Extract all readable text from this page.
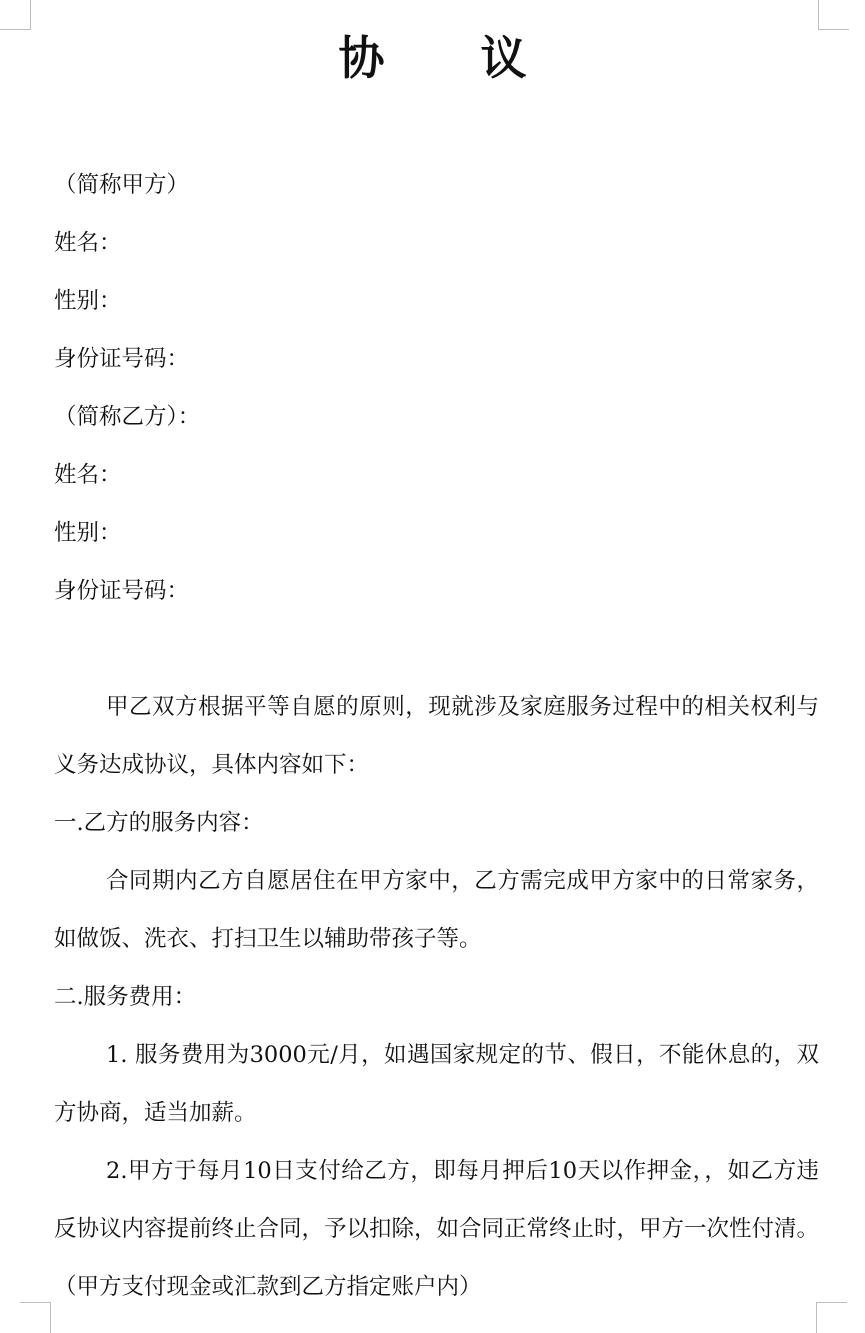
协 议
（简称甲方）
姓名：
性别：
身份证号码：
（简称乙方）：
姓名：
性别：
身份证号码：
甲乙双方根据平等自愿的原则，现就涉及家庭服务过程中的相关权利与义务达成协议，具体内容如下：
一.乙方的服务内容：
合同期内乙方自愿居住在甲方家中，乙方需完成甲方家中的日常家务，如做饭、洗衣、打扫卫生以辅助带孩子等。
二.服务费用：
1. 服务费用为3000元/月，如遇国家规定的节、假日，不能休息的，双方协商，适当加薪。
2.甲方于每月10日支付给乙方，即每月押后10天以作押金，，如乙方违反协议内容提前终止合同，予以扣除，如合同正常终止时，甲方一次性付清。（甲方支付现金或汇款到乙方指定账户内）
